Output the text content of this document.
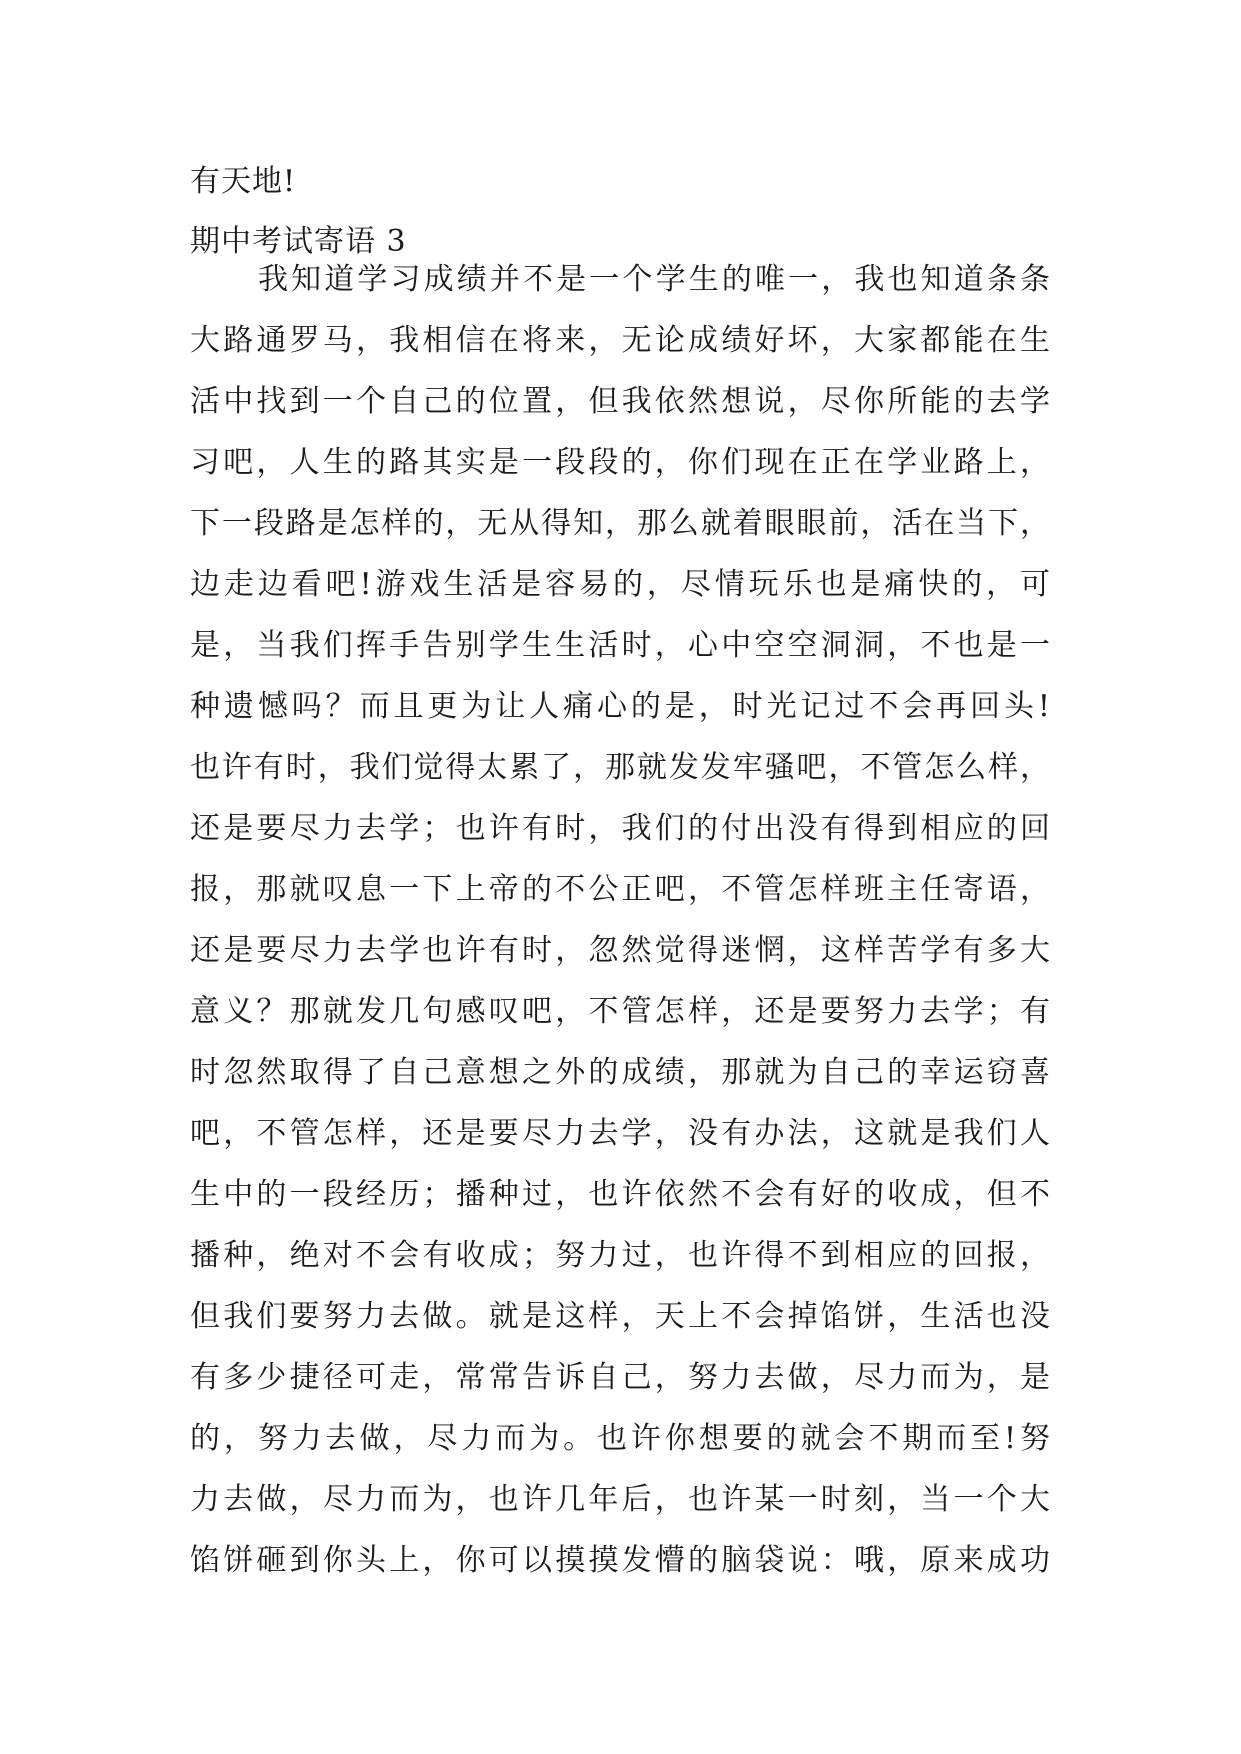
有天地!
期中考试寄语 3
我知道学习成绩并不是一个学生的唯一，我也知道条条
大路通罗马，我相信在将来，无论成绩好坏，大家都能在生
活中找到一个自己的位置，但我依然想说，尽你所能的去学
习吧，人生的路其实是一段段的，你们现在正在学业路上，
下一段路是怎样的，无从得知，那么就着眼眼前，活在当下，
边走边看吧!游戏生活是容易的，尽情玩乐也是痛快的，可
是，当我们挥手告别学生生活时，心中空空洞洞，不也是一
种遗憾吗？而且更为让人痛心的是，时光记过不会再回头!
也许有时，我们觉得太累了，那就发发牢骚吧，不管怎么样，
还是要尽力去学；也许有时，我们的付出没有得到相应的回
报，那就叹息一下上帝的不公正吧，不管怎样班主任寄语，
还是要尽力去学也许有时，忽然觉得迷惘，这样苦学有多大
意义？那就发几句感叹吧，不管怎样，还是要努力去学；有
时忽然取得了自己意想之外的成绩，那就为自己的幸运窃喜
吧，不管怎样，还是要尽力去学，没有办法，这就是我们人
生中的一段经历；播种过，也许依然不会有好的收成，但不
播种，绝对不会有收成；努力过，也许得不到相应的回报，
但我们要努力去做。就是这样，天上不会掉馅饼，生活也没
有多少捷径可走，常常告诉自己，努力去做，尽力而为，是
的，努力去做，尽力而为。也许你想要的就会不期而至!努
力去做，尽力而为，也许几年后，也许某一时刻，当一个大
馅饼砸到你头上，你可以摸摸发懵的脑袋说：哦，原来成功
